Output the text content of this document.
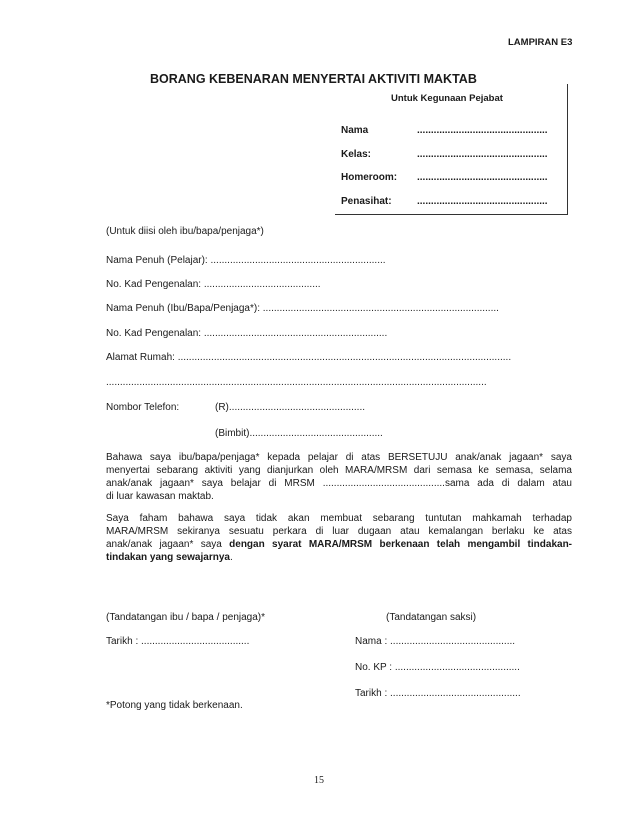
LAMPIRAN E3
BORANG KEBENARAN MENYERTAI AKTIVITI MAKTAB
Untuk Kegunaan Pejabat
Nama	...............................................
Kelas:	...............................................
Homeroom: ...............................................
Penasihat:	...............................................
(Untuk diisi oleh ibu/bapa/penjaga*)
Nama Penuh (Pelajar): ...............................................................
No. Kad Pengenalan: ..........................................
Nama Penuh (Ibu/Bapa/Penjaga*): .....................................................................................
No. Kad Pengenalan: ..................................................................
Alamat Rumah: ........................................................................................................................
.........................................................................................................................................
Nombor Telefon:	(R).................................................
(Bimbit)................................................
Bahawa saya ibu/bapa/penjaga* kepada pelajar di atas BERSETUJU anak/anak jagaan* saya
menyertai sebarang aktiviti yang dianjurkan oleh MARA/MRSM dari semasa ke semasa, selama
anak/anak jagaan* saya belajar di MRSM ............................................sama ada di dalam atau
di luar kawasan maktab.
Saya faham bahawa saya tidak akan membuat sebarang tuntutan mahkamah terhadap
MARA/MRSM sekiranya sesuatu perkara di luar dugaan atau kemalangan berlaku ke atas
anak/anak jagaan* saya dengan syarat MARA/MRSM berkenaan telah mengambil tindakan-
tindakan yang sewajarnya.
(Tandatangan ibu / bapa / penjaga)*	(Tandatangan saksi)
Tarikh : .......................................	Nama : .............................................
No. KP : .............................................
Tarikh : ...............................................
*Potong yang tidak berkenaan.
15
